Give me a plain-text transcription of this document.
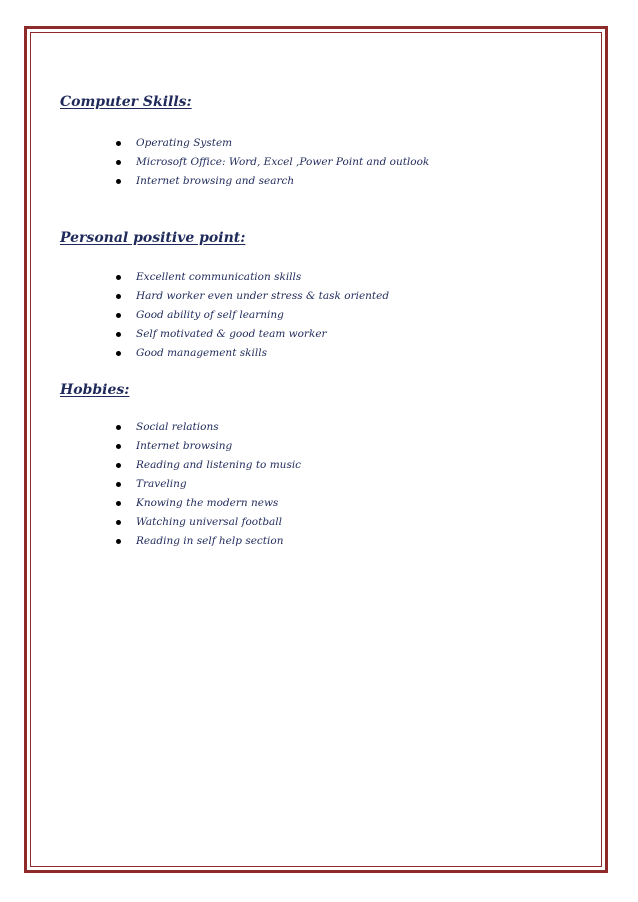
Computer Skills:
Operating System
Microsoft Office: Word, Excel ,Power Point and outlook
Internet browsing and search
Personal positive point:
Excellent communication skills
Hard worker even under stress & task oriented
Good ability of self learning
Self motivated & good team worker
Good management skills
Hobbies:
Social relations
Internet browsing
Reading and listening to music
Traveling
Knowing the modern news
Watching universal football
Reading in self help section
